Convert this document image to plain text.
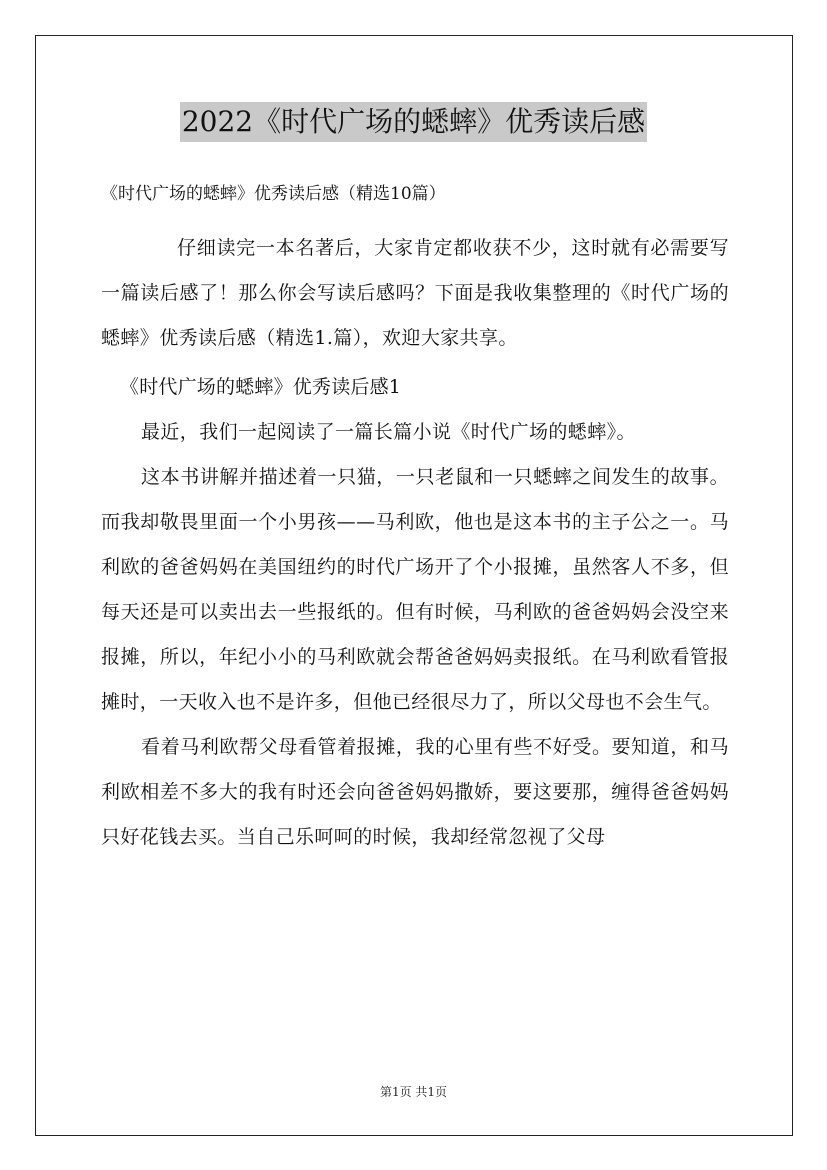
2022《时代广场的蟋蟀》优秀读后感
《时代广场的蟋蟀》优秀读后感（精选10篇）

仔细读完一本名著后，大家肯定都收获不少，这时就有必需要写一篇读后感了！那么你会写读后感吗？下面是我收集整理的《时代广场的蟋蟀》优秀读后感（精选1.篇），欢迎大家共享。

《时代广场的蟋蟀》优秀读后感1

最近，我们一起阅读了一篇长篇小说《时代广场的蟋蟀》。

这本书讲解并描述着一只猫，一只老鼠和一只蟋蟀之间发生的故事。而我却敬畏里面一个小男孩——马利欧，他也是这本书的主子公之一。马利欧的爸爸妈妈在美国纽约的时代广场开了个小报摊，虽然客人不多，但每天还是可以卖出去一些报纸的。但有时候，马利欧的爸爸妈妈会没空来报摊，所以，年纪小小的马利欧就会帮爸爸妈妈卖报纸。在马利欧看管报摊时，一天收入也不是许多，但他已经很尽力了，所以父母也不会生气。

看着马利欧帮父母看管着报摊，我的心里有些不好受。要知道，和马利欧相差不多大的我有时还会向爸爸妈妈撒娇，要这要那，缠得爸爸妈妈只好花钱去买。当自己乐呵呵的时候，我却经常忽视了父母

第1页 共1页
